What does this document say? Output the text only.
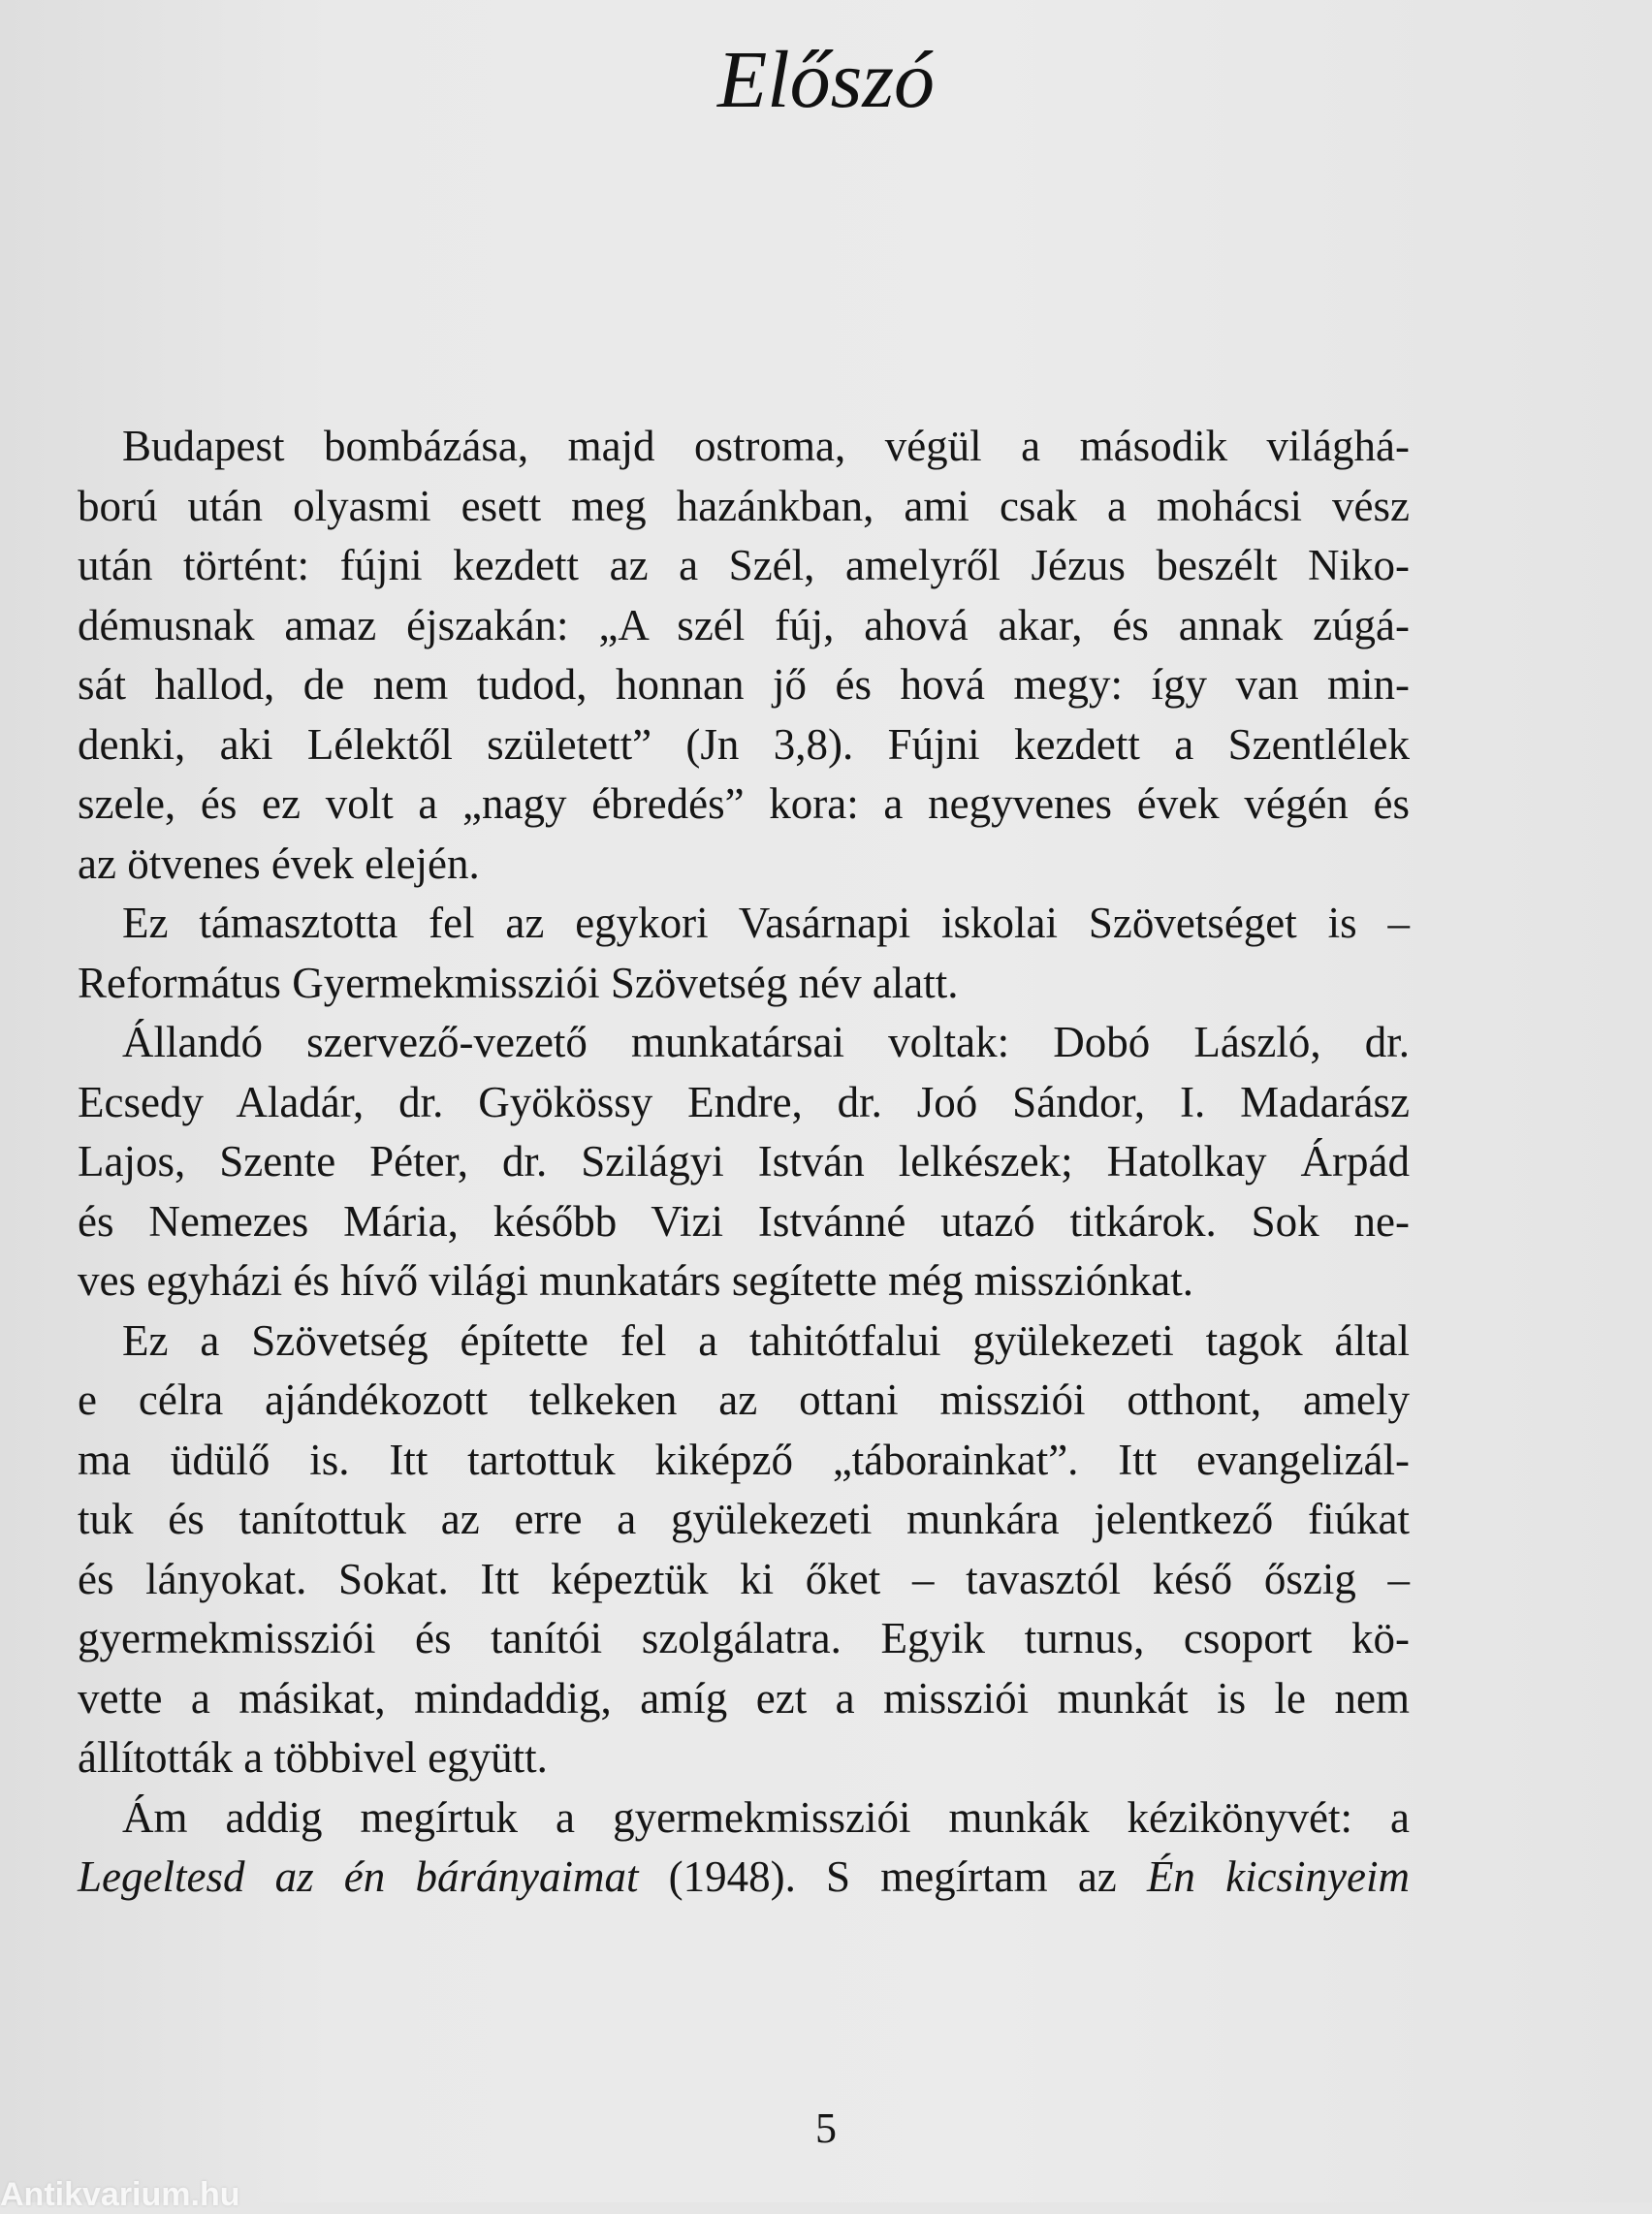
Előszó
Budapest bombázása, majd ostroma, végül a második világhá-
ború után olyasmi esett meg hazánkban, ami csak a mohácsi vész
után történt: fújni kezdett az a Szél, amelyről Jézus beszélt Niko-
démusnak amaz éjszakán: „A szél fúj, ahová akar, és annak zúgá-
sát hallod, de nem tudod, honnan jő és hová megy: így van min-
denki, aki Lélektől született” (Jn 3,8). Fújni kezdett a Szentlélek
szele, és ez volt a „nagy ébredés” kora: a negyvenes évek végén és
az ötvenes évek elején.
Ez támasztotta fel az egykori Vasárnapi iskolai Szövetséget is –
Református Gyermekmissziói Szövetség név alatt.
Állandó szervező-vezető munkatársai voltak: Dobó László, dr.
Ecsedy Aladár, dr. Gyökössy Endre, dr. Joó Sándor, I. Madarász
Lajos, Szente Péter, dr. Szilágyi István lelkészek; Hatolkay Árpád
és Nemezes Mária, később Vizi Istvánné utazó titkárok. Sok ne-
ves egyházi és hívő világi munkatárs segítette még missziónkat.
Ez a Szövetség építette fel a tahitótfalui gyülekezeti tagok által
e célra ajándékozott telkeken az ottani missziói otthont, amely
ma üdülő is. Itt tartottuk kiképző „táborainkat”. Itt evangelizál-
tuk és tanítottuk az erre a gyülekezeti munkára jelentkező fiúkat
és lányokat. Sokat. Itt képeztük ki őket – tavasztól késő őszig –
gyermekmissziói és tanítói szolgálatra. Egyik turnus, csoport kö-
vette a másikat, mindaddig, amíg ezt a missziói munkát is le nem
állították a többivel együtt.
Ám addig megírtuk a gyermekmissziói munkák kézikönyvét: a
Legeltesd az én bárányaimat (1948). S megírtam az Én kicsinyeim
5
Antikvarium.hu
